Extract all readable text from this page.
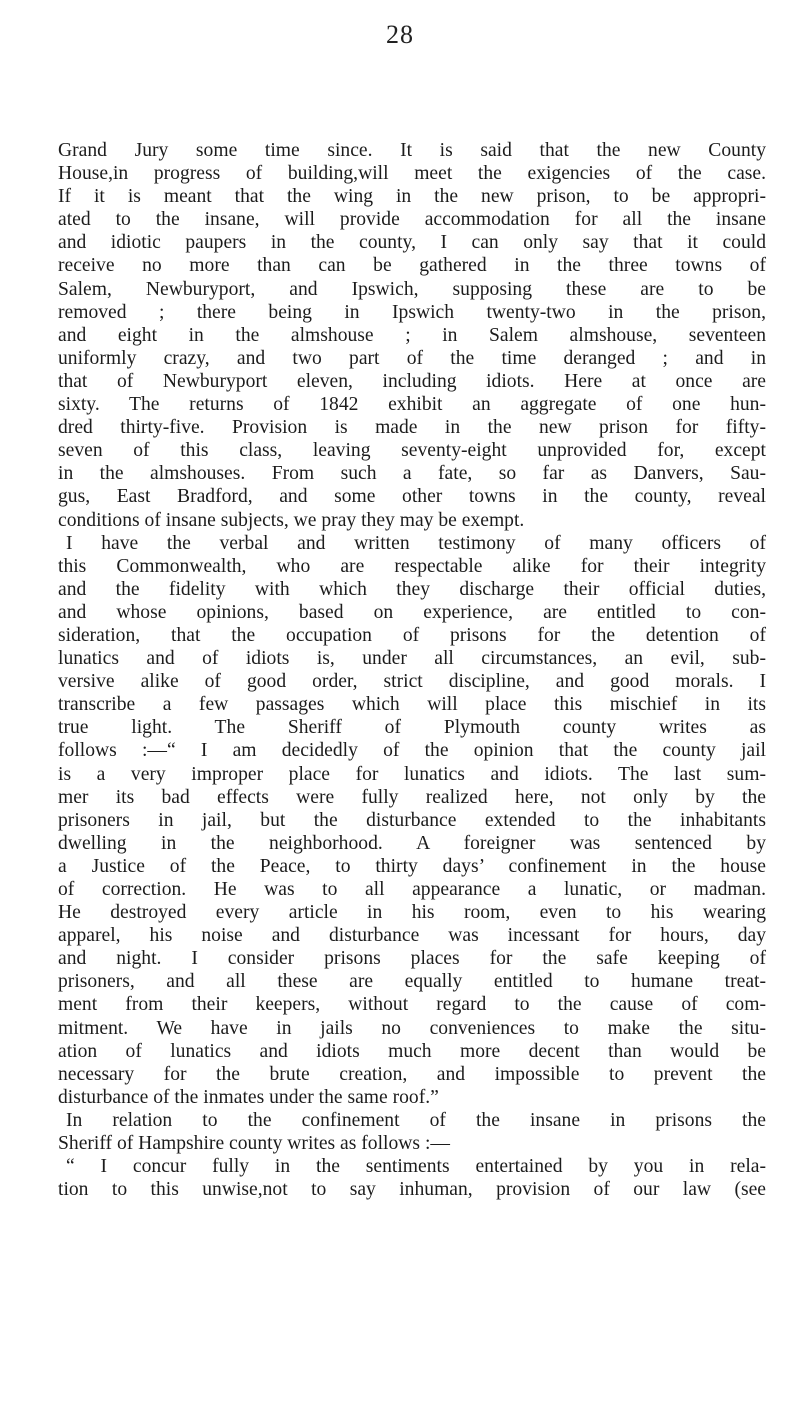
28
Grand Jury some time since. It is said that the new County
House,in progress of building,will meet the exigencies of the case.
If it is meant that the wing in the new prison, to be appropri-
ated to the insane, will provide accommodation for all the insane
and idiotic paupers in the county, I can only say that it could
receive no more than can be gathered in the three towns of
Salem, Newburyport, and Ipswich, supposing these are to be
removed ; there being in Ipswich twenty-two in the prison,
and eight in the almshouse ; in Salem almshouse, seventeen
uniformly crazy, and two part of the time deranged ; and in
that of Newburyport eleven, including idiots. Here at once are
sixty. The returns of 1842 exhibit an aggregate of one hun-
dred thirty-five. Provision is made in the new prison for fifty-
seven of this class, leaving seventy-eight unprovided for, except
in the almshouses. From such a fate, so far as Danvers, Sau-
gus, East Bradford, and some other towns in the county, reveal
conditions of insane subjects, we pray they may be exempt.
I have the verbal and written testimony of many officers of
this Commonwealth, who are respectable alike for their integrity
and the fidelity with which they discharge their official duties,
and whose opinions, based on experience, are entitled to con-
sideration, that the occupation of prisons for the detention of
lunatics and of idiots is, under all circumstances, an evil, sub-
versive alike of good order, strict discipline, and good morals. I
transcribe a few passages which will place this mischief in its
true light. The Sheriff of Plymouth county writes as
follows :—“ I am decidedly of the opinion that the county jail
is a very improper place for lunatics and idiots. The last sum-
mer its bad effects were fully realized here, not only by the
prisoners in jail, but the disturbance extended to the inhabitants
dwelling in the neighborhood. A foreigner was sentenced by
a Justice of the Peace, to thirty days’ confinement in the house
of correction. He was to all appearance a lunatic, or madman.
He destroyed every article in his room, even to his wearing
apparel, his noise and disturbance was incessant for hours, day
and night. I consider prisons places for the safe keeping of
prisoners, and all these are equally entitled to humane treat-
ment from their keepers, without regard to the cause of com-
mitment. We have in jails no conveniences to make the situ-
ation of lunatics and idiots much more decent than would be
necessary for the brute creation, and impossible to prevent the
disturbance of the inmates under the same roof.”
In relation to the confinement of the insane in prisons the
Sheriff of Hampshire county writes as follows :—
“ I concur fully in the sentiments entertained by you in rela-
tion to this unwise,not to say inhuman, provision of our law (see
